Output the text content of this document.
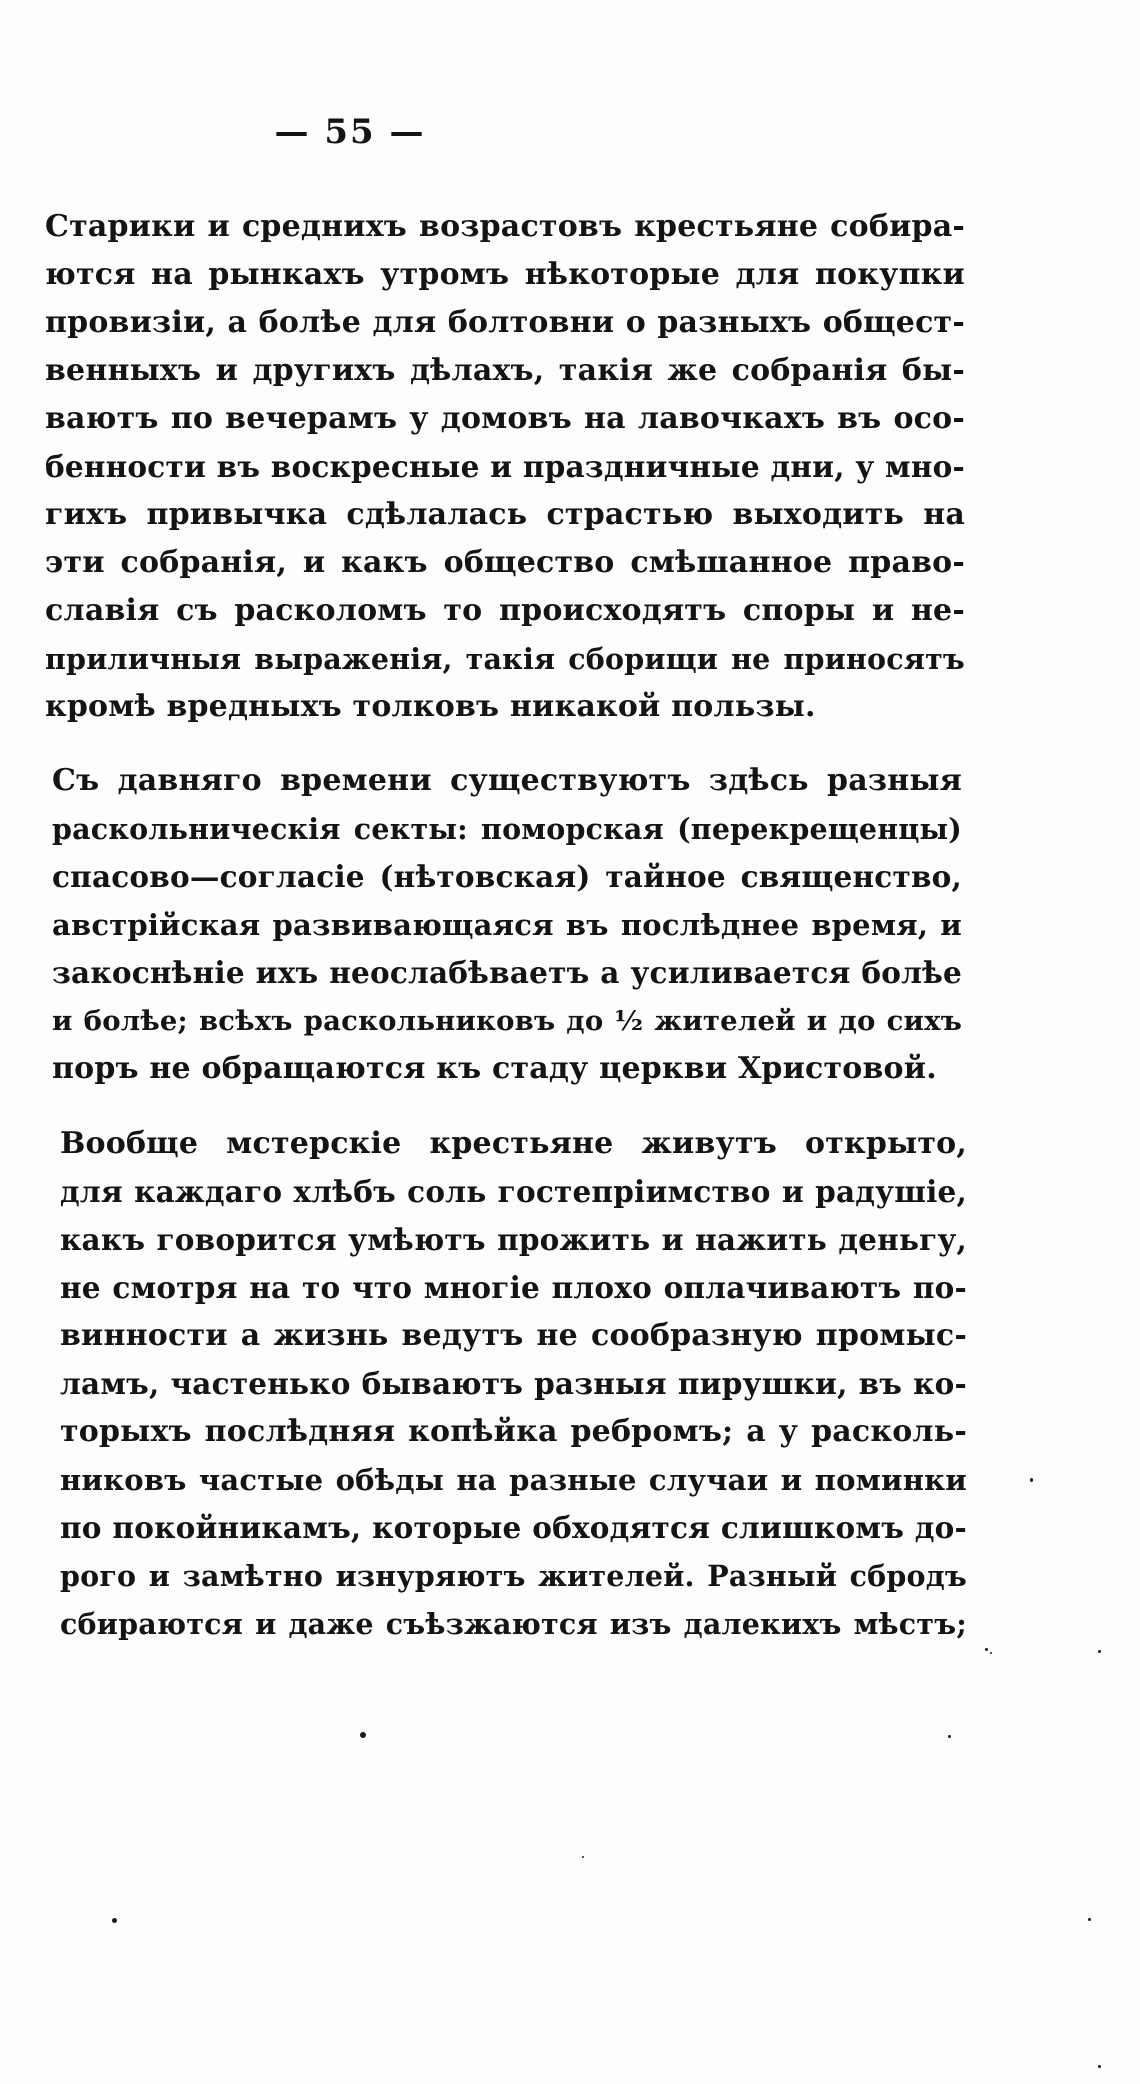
— 55 —
Старики и среднихъ возрастовъ крестьяне собира-
ются на рынкахъ утромъ нѣкоторые для покупки
провизіи, а болѣе для болтовни о разныхъ общест-
венныхъ и другихъ дѣлахъ, такія же собранія бы-
ваютъ по вечерамъ у домовъ на лавочкахъ въ осо-
бенности въ воскресные и праздничные дни, у мно-
гихъ привычка сдѣлалась страстью выходить на
эти собранія, и какъ общество смѣшанное право-
славія съ расколомъ то происходятъ споры и не-
приличныя выраженія, такія сборищи не приносятъ
кромѣ вредныхъ толковъ никакой пользы.
Съ давняго времени существуютъ здѣсь разныя
раскольническія секты: поморская (перекрещенцы)
спасово—согласіе (нѣтовская) тайное священство,
австрійская развивающаяся въ послѣднее время, и
закоснѣніе ихъ неослабѣваетъ а усиливается болѣе
и болѣе; всѣхъ раскольниковъ до ½ жителей и до сихъ
поръ не обращаются къ стаду церкви Христовой.
Вообще мстерскіе крестьяне живутъ открыто,
для каждаго хлѣбъ соль гостепріимство и радушіе,
какъ говорится умѣютъ прожить и нажить деньгу,
не смотря на то что многіе плохо оплачиваютъ по-
винности а жизнь ведутъ не сообразную промыс-
ламъ, частенько бываютъ разныя пирушки, въ ко-
торыхъ послѣдняя копѣйка ребромъ; а у расколь-
никовъ частые обѣды на разные случаи и поминки
по покойникамъ, которые обходятся слишкомъ до-
рого и замѣтно изнуряютъ жителей. Разный сбродъ
сбираются и даже съѣзжаются изъ далекихъ мѣстъ;
